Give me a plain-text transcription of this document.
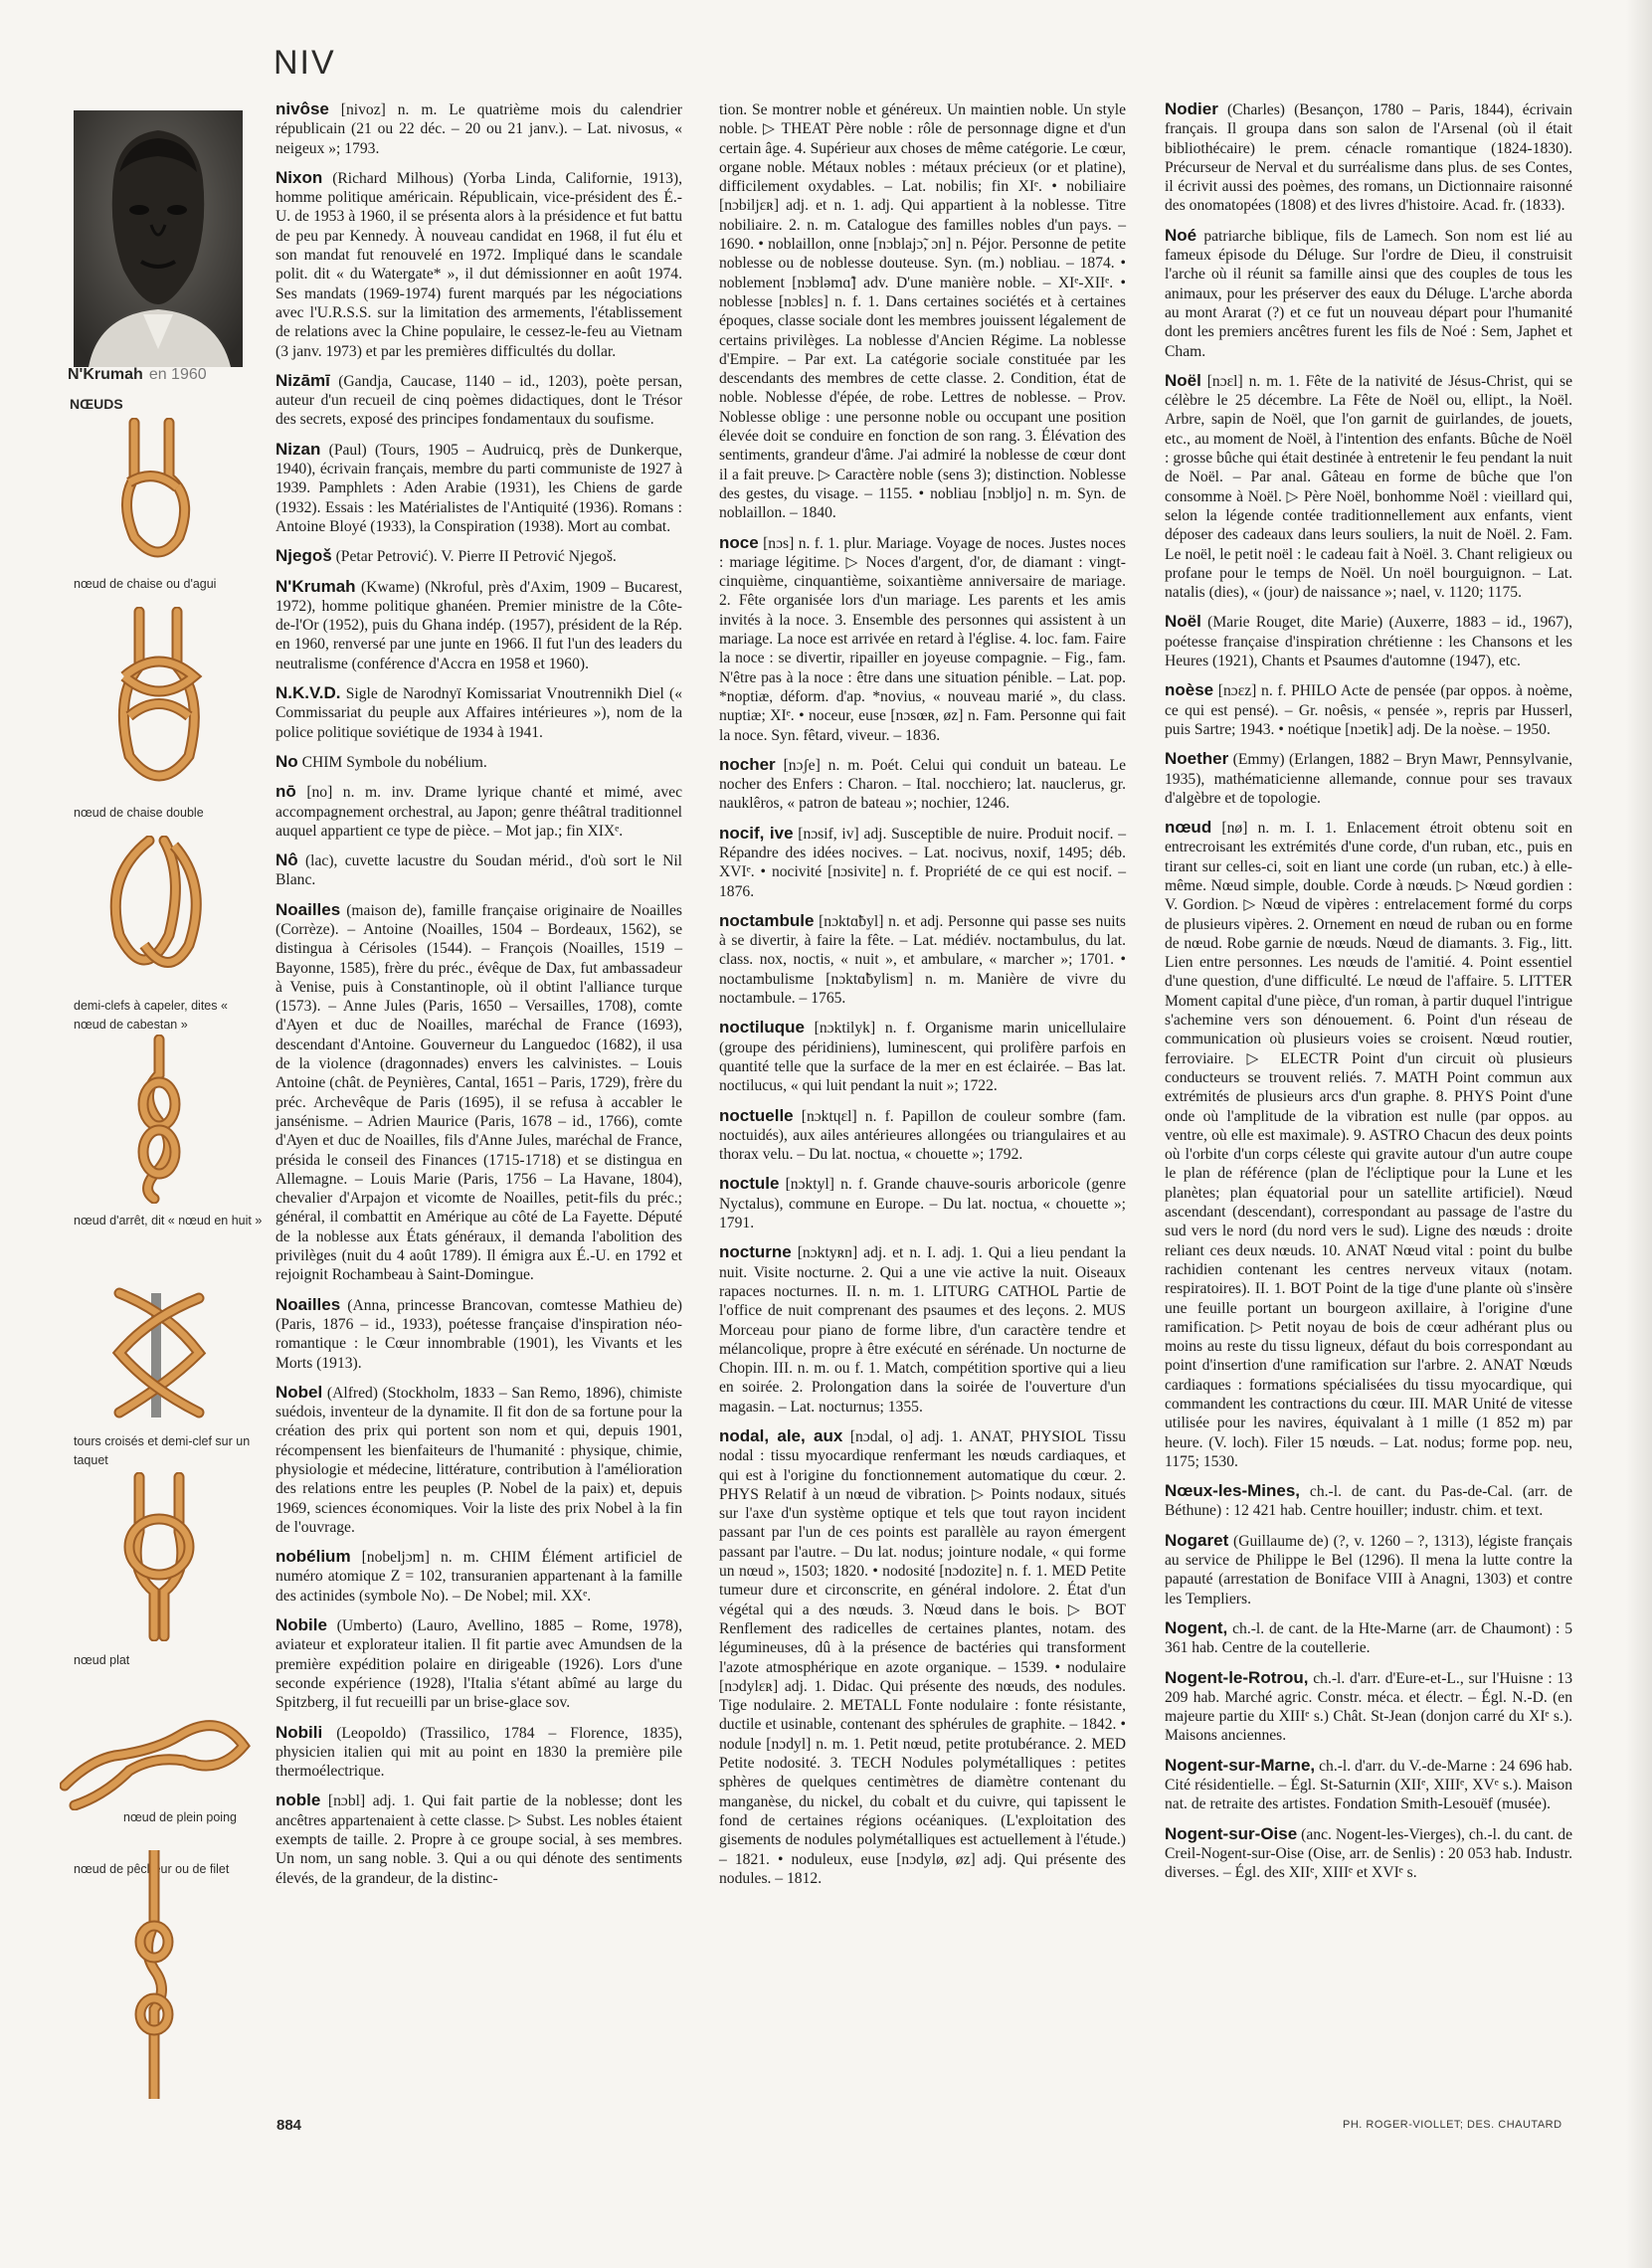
NIV
N'Krumah en 1960
NŒUDS
nœud de chaise ou d'agui
nœud de chaise double
demi-clefs à capeler, dites « nœud de cabestan »
nœud d'arrêt, dit « nœud en huit »
tours croisés et demi-clef sur un taquet
nœud plat
nœud de plein poing
nœud de pêcheur ou de filet

nivôse [nivoz] n. m. Le quatrième mois du calendrier républicain (21 ou 22 déc. – 20 ou 21 janv.). – Lat. nivosus, « neigeux »; 1793.

Nixon (Richard Milhous) (Yorba Linda, Californie, 1913), homme politique américain. Républicain, vice-président des É.-U. de 1953 à 1960, il se présenta alors à la présidence et fut battu de peu par Kennedy. À nouveau candidat en 1968, il fut élu et son mandat fut renouvelé en 1972. Impliqué dans le scandale polit. dit « du Watergate* », il dut démissionner en août 1974. Ses mandats (1969-1974) furent marqués par les négociations avec l'U.R.S.S. sur la limitation des armements, l'établissement de relations avec la Chine populaire, le cessez-le-feu au Vietnam (3 janv. 1973) et par les premières difficultés du dollar.

Nizāmī (Gandja, Caucase, 1140 – id., 1203), poète persan, auteur d'un recueil de cinq poèmes didactiques, dont le Trésor des secrets, exposé des principes fondamentaux du soufisme.

Nizan (Paul) (Tours, 1905 – Audruicq, près de Dunkerque, 1940), écrivain français, membre du parti communiste de 1927 à 1939. Pamphlets : Aden Arabie (1931), les Chiens de garde (1932). Essais : les Matérialistes de l'Antiquité (1936). Romans : Antoine Bloyé (1933), la Conspiration (1938). Mort au combat.

Njegoš (Petar Petrović). V. Pierre II Petrović Njegoš.

N'Krumah (Kwame) (Nkroful, près d'Axim, 1909 – Bucarest, 1972), homme politique ghanéen. Premier ministre de la Côte-de-l'Or (1952), puis du Ghana indép. (1957), président de la Rép. en 1960, renversé par une junte en 1966. Il fut l'un des leaders du neutralisme (conférence d'Accra en 1958 et 1960).

N.K.V.D. Sigle de Narodnyï Komissariat Vnoutrennikh Diel (« Commissariat du peuple aux Affaires intérieures »), nom de la police politique soviétique de 1934 à 1941.

No CHIM Symbole du nobélium.

nō [no] n. m. inv. Drame lyrique chanté et mimé, avec accompagnement orchestral, au Japon; genre théâtral traditionnel auquel appartient ce type de pièce. – Mot jap.; fin XIXᵉ.

Nô (lac), cuvette lacustre du Soudan mérid., d'où sort le Nil Blanc.

Noailles (maison de), famille française originaire de Noailles (Corrèze). – Antoine (Noailles, 1504 – Bordeaux, 1562), se distingua à Cérisoles (1544). – François (Noailles, 1519 – Bayonne, 1585), frère du préc., évêque de Dax, fut ambassadeur à Venise, puis à Constantinople, où il obtint l'alliance turque (1573). – Anne Jules (Paris, 1650 – Versailles, 1708), comte d'Ayen et duc de Noailles, maréchal de France (1693), descendant d'Antoine. Gouverneur du Languedoc (1682), il usa de la violence (dragonnades) envers les calvinistes. – Louis Antoine (chât. de Peynières, Cantal, 1651 – Paris, 1729), frère du préc. Archevêque de Paris (1695), il se refusa à accabler le jansénisme. – Adrien Maurice (Paris, 1678 – id., 1766), comte d'Ayen et duc de Noailles, fils d'Anne Jules, maréchal de France, présida le conseil des Finances (1715-1718) et se distingua en Allemagne. – Louis Marie (Paris, 1756 – La Havane, 1804), chevalier d'Arpajon et vicomte de Noailles, petit-fils du préc.; général, il combattit en Amérique au côté de La Fayette. Député de la noblesse aux États généraux, il demanda l'abolition des privilèges (nuit du 4 août 1789). Il émigra aux É.-U. en 1792 et rejoignit Rochambeau à Saint-Domingue.

Noailles (Anna, princesse Brancovan, comtesse Mathieu de) (Paris, 1876 – id., 1933), poétesse française d'inspiration néo-romantique : le Cœur innombrable (1901), les Vivants et les Morts (1913).

Nobel (Alfred) (Stockholm, 1833 – San Remo, 1896), chimiste suédois, inventeur de la dynamite. Il fit don de sa fortune pour la création des prix qui portent son nom et qui, depuis 1901, récompensent les bienfaiteurs de l'humanité : physique, chimie, physiologie et médecine, littérature, contribution à l'amélioration des relations entre les peuples (P. Nobel de la paix) et, depuis 1969, sciences économiques. Voir la liste des prix Nobel à la fin de l'ouvrage.

nobélium [nobeljɔm] n. m. CHIM Élément artificiel de numéro atomique Z = 102, transuranien appartenant à la famille des actinides (symbole No). – De Nobel; mil. XXᵉ.

Nobile (Umberto) (Lauro, Avellino, 1885 – Rome, 1978), aviateur et explorateur italien. Il fit partie avec Amundsen de la première expédition polaire en dirigeable (1926). Lors d'une seconde expérience (1928), l'Italia s'étant abîmé au large du Spitzberg, il fut recueilli par un brise-glace sov.

Nobili (Leopoldo) (Trassilico, 1784 – Florence, 1835), physicien italien qui mit au point en 1830 la première pile thermoélectrique.

noble [nɔbl] adj. 1. Qui fait partie de la noblesse; dont les ancêtres appartenaient à cette classe. ▷ Subst. Les nobles étaient exempts de taille. 2. Propre à ce groupe social, à ses membres. Un nom, un sang noble. 3. Qui a ou qui dénote des sentiments élevés, de la grandeur, de la distinc-

tion. Se montrer noble et généreux. Un maintien noble. Un style noble. ▷ THEAT Père noble : rôle de personnage digne et d'un certain âge. 4. Supérieur aux choses de même catégorie. Le cœur, organe noble. Métaux nobles : métaux précieux (or et platine), difficilement oxydables. – Lat. nobilis; fin XIᵉ. • nobiliaire [nɔbiljɛʀ] adj. et n. 1. adj. Qui appartient à la noblesse. Titre nobiliaire. 2. n. m. Catalogue des familles nobles d'un pays. – 1690. • noblaillon, onne [nɔblajɔ̃, ɔn] n. Péjor. Personne de petite noblesse ou de noblesse douteuse. Syn. (m.) nobliau. – 1874. • noblement [nɔbləmɑ̃] adv. D'une manière noble. – XIᵉ-XIIᵉ. • noblesse [nɔblɛs] n. f. 1. Dans certaines sociétés et à certaines époques, classe sociale dont les membres jouissent légalement de certains privilèges. La noblesse d'Ancien Régime. La noblesse d'Empire. – Par ext. La catégorie sociale constituée par les descendants des membres de cette classe. 2. Condition, état de noble. Noblesse d'épée, de robe. Lettres de noblesse. – Prov. Noblesse oblige : une personne noble ou occupant une position élevée doit se conduire en fonction de son rang. 3. Élévation des sentiments, grandeur d'âme. J'ai admiré la noblesse de cœur dont il a fait preuve. ▷ Caractère noble (sens 3); distinction. Noblesse des gestes, du visage. – 1155. • nobliau [nɔbljo] n. m. Syn. de noblaillon. – 1840.

noce [nɔs] n. f. 1. plur. Mariage. Voyage de noces. Justes noces : mariage légitime. ▷ Noces d'argent, d'or, de diamant : vingt-cinquième, cinquantième, soixantième anniversaire de mariage. 2. Fête organisée lors d'un mariage. Les parents et les amis invités à la noce. 3. Ensemble des personnes qui assistent à un mariage. La noce est arrivée en retard à l'église. 4. loc. fam. Faire la noce : se divertir, ripailler en joyeuse compagnie. – Fig., fam. N'être pas à la noce : être dans une situation pénible. – Lat. pop. *noptiæ, déform. d'ap. *novius, « nouveau marié », du class. nuptiæ; XIᵉ. • noceur, euse [nɔsœʀ, øz] n. Fam. Personne qui fait la noce. Syn. fêtard, viveur. – 1836.

nocher [nɔʃe] n. m. Poét. Celui qui conduit un bateau. Le nocher des Enfers : Charon. – Ital. nocchiero; lat. nauclerus, gr. nauklêros, « patron de bateau »; nochier, 1246.

nocif, ive [nɔsif, iv] adj. Susceptible de nuire. Produit nocif. – Répandre des idées nocives. – Lat. nocivus, noxif, 1495; déb. XVIᵉ. • nocivité [nɔsivite] n. f. Propriété de ce qui est nocif. – 1876.

noctambule [nɔktɑ̃byl] n. et adj. Personne qui passe ses nuits à se divertir, à faire la fête. – Lat. médiév. noctambulus, du lat. class. nox, noctis, « nuit », et ambulare, « marcher »; 1701. • noctambulisme [nɔktɑ̃bylism] n. m. Manière de vivre du noctambule. – 1765.

noctiluque [nɔktilyk] n. f. Organisme marin unicellulaire (groupe des péridiniens), luminescent, qui prolifère parfois en quantité telle que la surface de la mer en est éclairée. – Bas lat. noctilucus, « qui luit pendant la nuit »; 1722.

noctuelle [nɔktɥɛl] n. f. Papillon de couleur sombre (fam. noctuidés), aux ailes antérieures allongées ou triangulaires et au thorax velu. – Du lat. noctua, « chouette »; 1792.

noctule [nɔktyl] n. f. Grande chauve-souris arboricole (genre Nyctalus), commune en Europe. – Du lat. noctua, « chouette »; 1791.

nocturne [nɔktyʀn] adj. et n. I. adj. 1. Qui a lieu pendant la nuit. Visite nocturne. 2. Qui a une vie active la nuit. Oiseaux rapaces nocturnes. II. n. m. 1. LITURG CATHOL Partie de l'office de nuit comprenant des psaumes et des leçons. 2. MUS Morceau pour piano de forme libre, d'un caractère tendre et mélancolique, propre à être exécuté en sérénade. Un nocturne de Chopin. III. n. m. ou f. 1. Match, compétition sportive qui a lieu en soirée. 2. Prolongation dans la soirée de l'ouverture d'un magasin. – Lat. nocturnus; 1355.

nodal, ale, aux [nɔdal, o] adj. 1. ANAT, PHYSIOL Tissu nodal : tissu myocardique renfermant les nœuds cardiaques, et qui est à l'origine du fonctionnement automatique du cœur. 2. PHYS Relatif à un nœud de vibration. ▷ Points nodaux, situés sur l'axe d'un système optique et tels que tout rayon incident passant par l'un de ces points est parallèle au rayon émergent passant par l'autre. – Du lat. nodus; jointure nodale, « qui forme un nœud », 1503; 1820. • nodosité [nɔdozite] n. f. 1. MED Petite tumeur dure et circonscrite, en général indolore. 2. État d'un végétal qui a des nœuds. 3. Nœud dans le bois. ▷ BOT Renflement des radicelles de certaines plantes, notam. des légumineuses, dû à la présence de bactéries qui transforment l'azote atmosphérique en azote organique. – 1539. • nodulaire [nɔdylɛʀ] adj. 1. Didac. Qui présente des nœuds, des nodules. Tige nodulaire. 2. METALL Fonte nodulaire : fonte résistante, ductile et usinable, contenant des sphérules de graphite. – 1842. • nodule [nɔdyl] n. m. 1. Petit nœud, petite protubérance. 2. MED Petite nodosité. 3. TECH Nodules polymétalliques : petites sphères de quelques centimètres de diamètre contenant du manganèse, du nickel, du cobalt et du cuivre, qui tapissent le fond de certaines régions océaniques. (L'exploitation des gisements de nodules polymétalliques est actuellement à l'étude.) – 1821. • noduleux, euse [nɔdylø, øz] adj. Qui présente des nodules. – 1812.

Nodier (Charles) (Besançon, 1780 – Paris, 1844), écrivain français. Il groupa dans son salon de l'Arsenal (où il était bibliothécaire) le prem. cénacle romantique (1824-1830). Précurseur de Nerval et du surréalisme dans plus. de ses Contes, il écrivit aussi des poèmes, des romans, un Dictionnaire raisonné des onomatopées (1808) et des livres d'histoire. Acad. fr. (1833).

Noé patriarche biblique, fils de Lamech. Son nom est lié au fameux épisode du Déluge. Sur l'ordre de Dieu, il construisit l'arche où il réunit sa famille ainsi que des couples de tous les animaux, pour les préserver des eaux du Déluge. L'arche aborda au mont Ararat (?) et ce fut un nouveau départ pour l'humanité dont les premiers ancêtres furent les fils de Noé : Sem, Japhet et Cham.

Noël [nɔɛl] n. m. 1. Fête de la nativité de Jésus-Christ, qui se célèbre le 25 décembre. La Fête de Noël ou, ellipt., la Noël. Arbre, sapin de Noël, que l'on garnit de guirlandes, de jouets, etc., au moment de Noël, à l'intention des enfants. Bûche de Noël : grosse bûche qui était destinée à entretenir le feu pendant la nuit de Noël. – Par anal. Gâteau en forme de bûche que l'on consomme à Noël. ▷ Père Noël, bonhomme Noël : vieillard qui, selon la légende contée traditionnellement aux enfants, vient déposer des cadeaux dans leurs souliers, la nuit de Noël. 2. Fam. Le noël, le petit noël : le cadeau fait à Noël. 3. Chant religieux ou profane pour le temps de Noël. Un noël bourguignon. – Lat. natalis (dies), « (jour) de naissance »; nael, v. 1120; 1175.

Noël (Marie Rouget, dite Marie) (Auxerre, 1883 – id., 1967), poétesse française d'inspiration chrétienne : les Chansons et les Heures (1921), Chants et Psaumes d'automne (1947), etc.

noèse [nɔɛz] n. f. PHILO Acte de pensée (par oppos. à noème, ce qui est pensé). – Gr. noêsis, « pensée », repris par Husserl, puis Sartre; 1943. • noétique [nɔetik] adj. De la noèse. – 1950.

Noether (Emmy) (Erlangen, 1882 – Bryn Mawr, Pennsylvanie, 1935), mathématicienne allemande, connue pour ses travaux d'algèbre et de topologie.

nœud [nø] n. m. I. 1. Enlacement étroit obtenu soit en entrecroisant les extrémités d'une corde, d'un ruban, etc., puis en tirant sur celles-ci, soit en liant une corde (un ruban, etc.) à elle-même. Nœud simple, double. Corde à nœuds. ▷ Nœud gordien : V. Gordion. ▷ Nœud de vipères : entrelacement formé du corps de plusieurs vipères. 2. Ornement en nœud de ruban ou en forme de nœud. Robe garnie de nœuds. Nœud de diamants. 3. Fig., litt. Lien entre personnes. Les nœuds de l'amitié. 4. Point essentiel d'une question, d'une difficulté. Le nœud de l'affaire. 5. LITTER Moment capital d'une pièce, d'un roman, à partir duquel l'intrigue s'achemine vers son dénouement. 6. Point d'un réseau de communication où plusieurs voies se croisent. Nœud routier, ferroviaire. ▷ ELECTR Point d'un circuit où plusieurs conducteurs se trouvent reliés. 7. MATH Point commun aux extrémités de plusieurs arcs d'un graphe. 8. PHYS Point d'une onde où l'amplitude de la vibration est nulle (par oppos. au ventre, où elle est maximale). 9. ASTRO Chacun des deux points où l'orbite d'un corps céleste qui gravite autour d'un autre coupe le plan de référence (plan de l'écliptique pour la Lune et les planètes; plan équatorial pour un satellite artificiel). Nœud ascendant (descendant), correspondant au passage de l'astre du sud vers le nord (du nord vers le sud). Ligne des nœuds : droite reliant ces deux nœuds. 10. ANAT Nœud vital : point du bulbe rachidien contenant les centres nerveux vitaux (notam. respiratoires). II. 1. BOT Point de la tige d'une plante où s'insère une feuille portant un bourgeon axillaire, à l'origine d'une ramification. ▷ Petit noyau de bois de cœur adhérant plus ou moins au reste du tissu ligneux, défaut du bois correspondant au point d'insertion d'une ramification sur l'arbre. 2. ANAT Nœuds cardiaques : formations spécialisées du tissu myocardique, qui commandent les contractions du cœur. III. MAR Unité de vitesse utilisée pour les navires, équivalant à 1 mille (1 852 m) par heure. (V. loch). Filer 15 nœuds. – Lat. nodus; forme pop. neu, 1175; 1530.

Nœux-les-Mines, ch.-l. de cant. du Pas-de-Cal. (arr. de Béthune) : 12 421 hab. Centre houiller; industr. chim. et text.

Nogaret (Guillaume de) (?, v. 1260 – ?, 1313), légiste français au service de Philippe le Bel (1296). Il mena la lutte contre la papauté (arrestation de Boniface VIII à Anagni, 1303) et contre les Templiers.

Nogent, ch.-l. de cant. de la Hte-Marne (arr. de Chaumont) : 5 361 hab. Centre de la coutellerie.

Nogent-le-Rotrou, ch.-l. d'arr. d'Eure-et-L., sur l'Huisne : 13 209 hab. Marché agric. Constr. méca. et électr. – Égl. N.-D. (en majeure partie du XIIIᵉ s.) Chât. St-Jean (donjon carré du XIᵉ s.). Maisons anciennes.

Nogent-sur-Marne, ch.-l. d'arr. du V.-de-Marne : 24 696 hab. Cité résidentielle. – Égl. St-Saturnin (XIIᵉ, XIIIᵉ, XVᵉ s.). Maison nat. de retraite des artistes. Fondation Smith-Lesouëf (musée).

Nogent-sur-Oise (anc. Nogent-les-Vierges), ch.-l. du cant. de Creil-Nogent-sur-Oise (Oise, arr. de Senlis) : 20 053 hab. Industr. diverses. – Égl. des XIIᵉ, XIIIᵉ et XVIᵉ s.

884	PH. ROGER-VIOLLET; DES. CHAUTARD
